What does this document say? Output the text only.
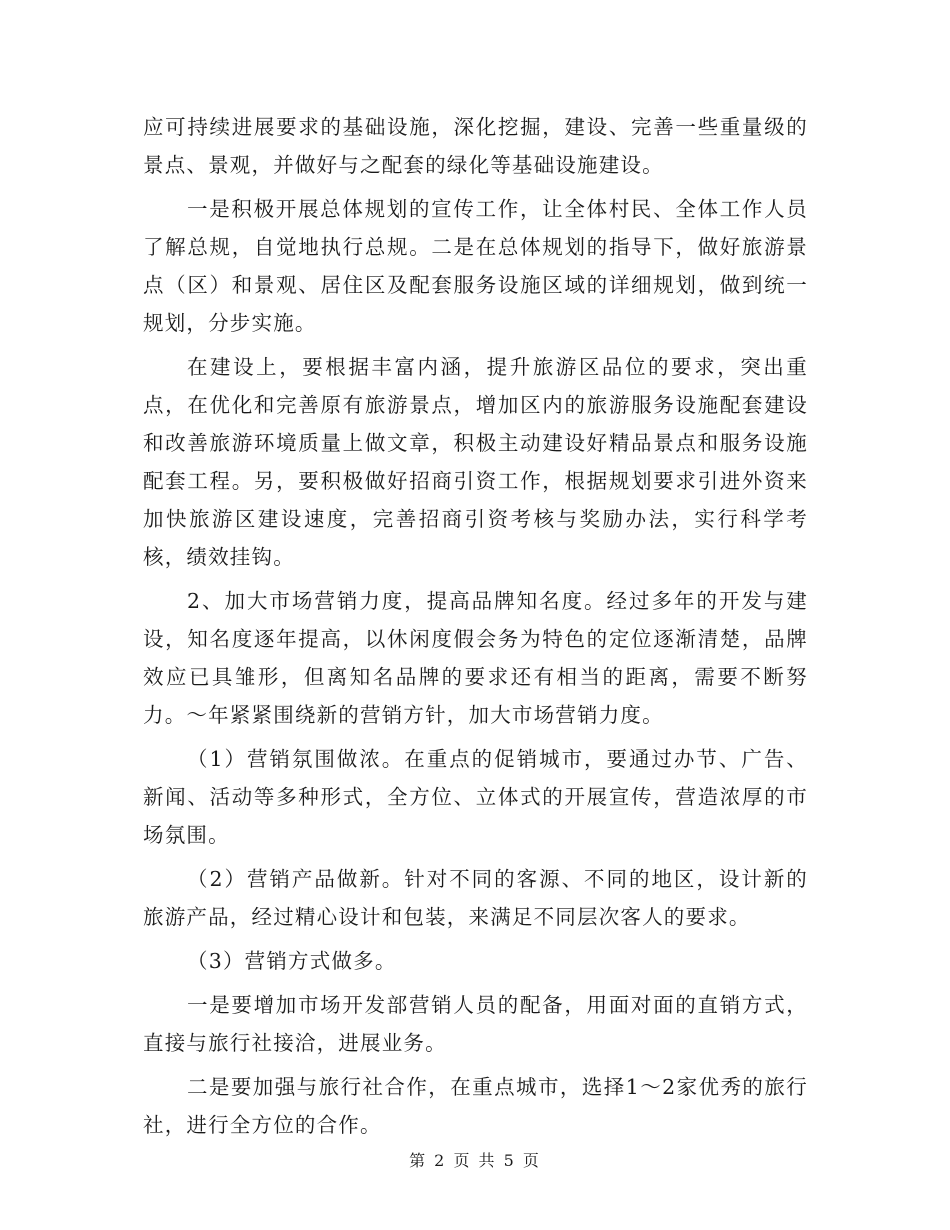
应可持续进展要求的基础设施，深化挖掘，建设、完善一些重量级的景点、景观，并做好与之配套的绿化等基础设施建设。

一是积极开展总体规划的宣传工作，让全体村民、全体工作人员了解总规，自觉地执行总规。二是在总体规划的指导下，做好旅游景点（区）和景观、居住区及配套服务设施区域的详细规划，做到统一规划，分步实施。

在建设上，要根据丰富内涵，提升旅游区品位的要求，突出重点，在优化和完善原有旅游景点，增加区内的旅游服务设施配套建设和改善旅游环境质量上做文章，积极主动建设好精品景点和服务设施配套工程。另，要积极做好招商引资工作，根据规划要求引进外资来加快旅游区建设速度，完善招商引资考核与奖励办法，实行科学考核，绩效挂钩。

2、加大市场营销力度，提高品牌知名度。经过多年的开发与建设，知名度逐年提高，以休闲度假会务为特色的定位逐渐清楚，品牌效应已具雏形，但离知名品牌的要求还有相当的距离，需要不断努力。～年紧紧围绕新的营销方针，加大市场营销力度。

（1）营销氛围做浓。在重点的促销城市，要通过办节、广告、新闻、活动等多种形式，全方位、立体式的开展宣传，营造浓厚的市场氛围。

（2）营销产品做新。针对不同的客源、不同的地区，设计新的旅游产品，经过精心设计和包装，来满足不同层次客人的要求。

（3）营销方式做多。

一是要增加市场开发部营销人员的配备，用面对面的直销方式，直接与旅行社接洽，进展业务。

二是要加强与旅行社合作，在重点城市，选择1～2家优秀的旅行社，进行全方位的合作。

第 2 页 共 5 页
